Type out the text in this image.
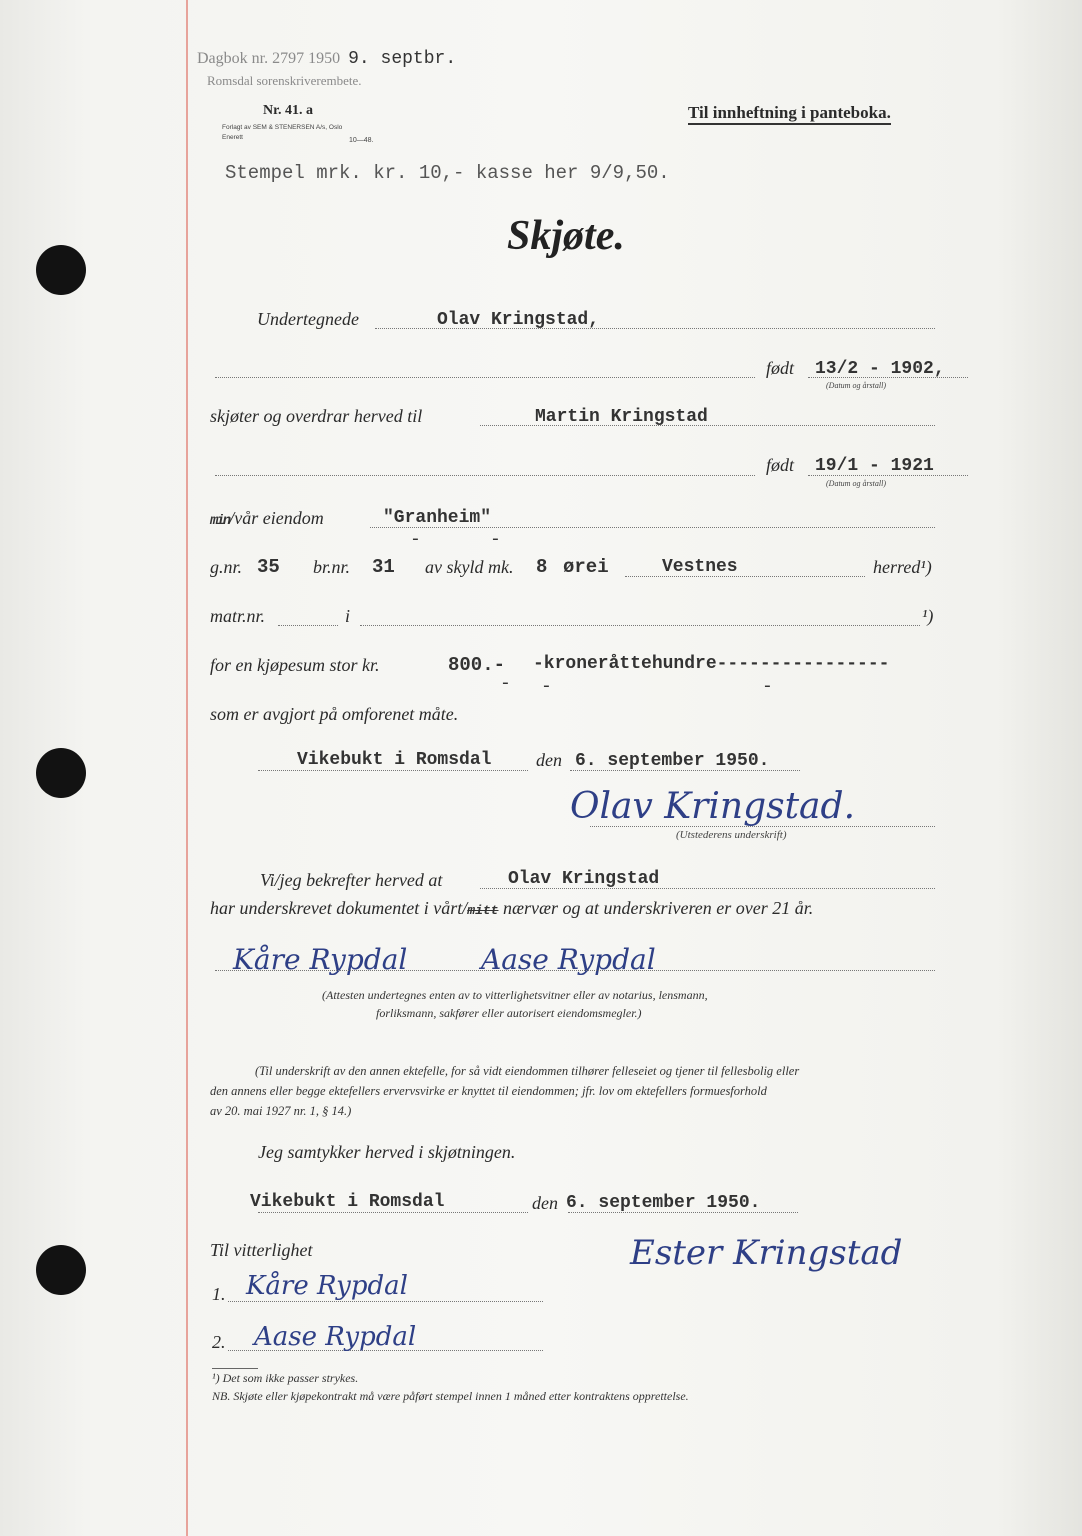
Dagbok nr. 2797 1950 9. septbr.
Romsdal sorenskriverembete.
Nr. 41. a
Forlagt av SEM & STENERSEN A/s, Oslo
Enerett	10—48.
Til innheftning i panteboka.
Stempel mrk. kr. 10,- kasse her 9/9,50.
Skjøte.
Undertegnede	Olav Kringstad,
født 13/2 - 1902,
(Datum og årstall)
skjøter og overdrar herved til	Martin Kringstad
født 19/1 - 1921
(Datum og årstall)
min/vår eiendom	"Granheim"
-	-
g.nr. 35 br.nr. 31 av skyld mk. 8 ørei	Vestnes	herred¹)
matr.nr.	i	¹)
for en kjøpesum stor kr.	800.- -kroneråttehundre----------------
- -	-
som er avgjort på omforenet måte.
Vikebukt i Romsdal den 6. september 1950.
Olav Kringstad.
(Utstederens underskrift)
Vi/jeg bekrefter herved at	Olav Kringstad
har underskrevet dokumentet i vårt/mitt nærvær og at underskriveren er over 21 år.
Kåre Rypdal	Aase Rypdal
(Attesten undertegnes enten av to vitterlighetsvitner eller av notarius, lensmann,
forliksmann, sakfører eller autorisert eiendomsmegler.)
(Til underskrift av den annen ektefelle, for så vidt eiendommen tilhører felleseiet og tjener til fellesbolig eller
den annens eller begge ektefellers ervervsvirke er knyttet til eiendommen; jfr. lov om ektefellers formuesforhold
av 20. mai 1927 nr. 1, § 14.)
Jeg samtykker herved i skjøtningen.
Vikebukt i Romsdal	den 6. september 1950.
Ester Kringstad
Til vitterlighet
1. Kåre Rypdal
2. Aase Rypdal
¹) Det som ikke passer strykes.
NB. Skjøte eller kjøpekontrakt må være påført stempel innen 1 måned etter kontraktens opprettelse.
